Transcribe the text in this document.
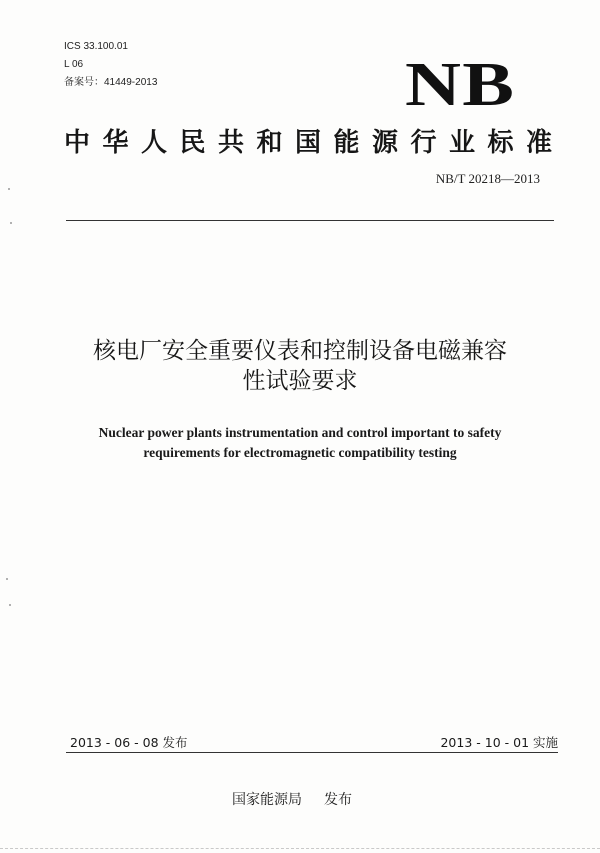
ICS 33.100.01
L 06
备案号：41449-2013	NB
中华人民共和国能源行业标准
NB/T 20218—2013
核电厂安全重要仪表和控制设备电磁兼容
性试验要求
Nuclear power plants instrumentation and control important to safety
requirements for electromagnetic compatibility testing
2013 - 06 - 08 发布	2013 - 10 - 01 实施
国家能源局 发布
